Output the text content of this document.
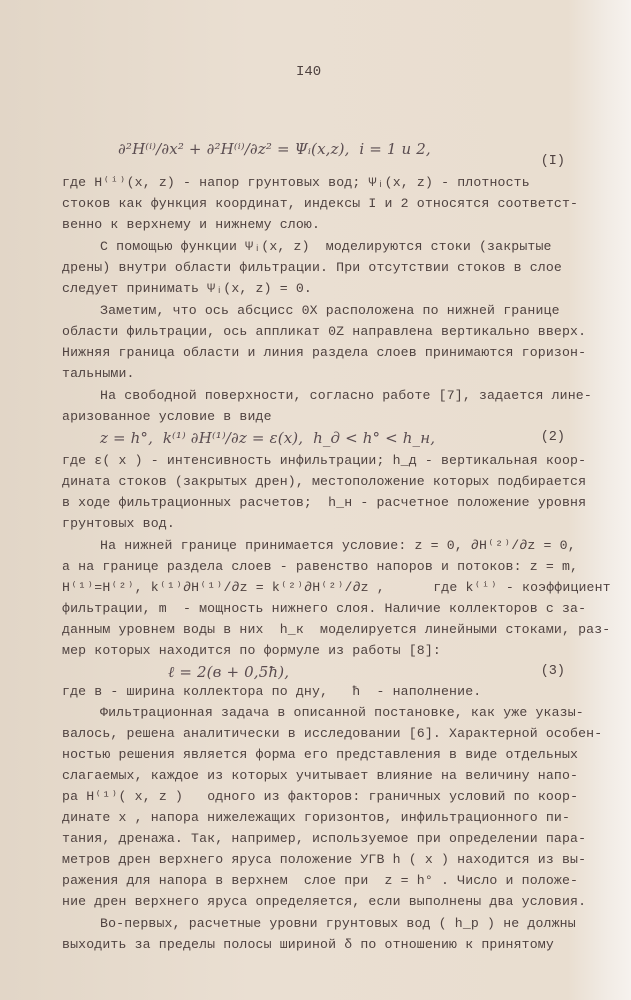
I40
∂²H⁽ⁱ⁾/∂x² + ∂²H⁽ⁱ⁾/∂z² = Ψᵢ(x,z),  i = 1 и 2,
(I)
где H⁽ⁱ⁾(x, z) - напор грунтовых вод; Ψᵢ(x, z) - плотность
стоков как функция координат, индексы I и 2 относятся соответст-
венно к верхнему и нижнему слою.
С помощью функции Ψᵢ(x, z)  моделируются стоки (закрытые
дрены) внутри области фильтрации. При отсутствии стоков в слое
следует принимать Ψᵢ(x, z) = 0.
Заметим, что ось абсцисс 0X расположена по нижней границе
области фильтрации, ось аппликат 0Z направлена вертикально вверх.
Нижняя граница области и линия раздела слоев принимаются горизон-
тальными.
На свободной поверхности, согласно работе [7], задается лине-
аризованное условие в виде
z = h°,  k⁽¹⁾ ∂H⁽¹⁾/∂z = ε(x),  h_д < h° < h_н,	(2)
где ε( x ) - интенсивность инфильтрации; h_д - вертикальная коор-
дината стоков (закрытых дрен), местоположение которых подбирается
в ходе фильтрационных расчетов;  h_н - расчетное положение уровня
грунтовых вод.
На нижней границе принимается условие: z = 0, ∂H⁽²⁾/∂z = 0,
а на границе раздела слоев - равенство напоров и потоков: z = m,
H⁽¹⁾=H⁽²⁾, k⁽¹⁾∂H⁽¹⁾/∂z = k⁽²⁾∂H⁽²⁾/∂z ,      где k⁽ⁱ⁾ - коэффициент
фильтрации, m  - мощность нижнего слоя. Наличие коллекторов с за-
данным уровнем воды в них  h_к  моделируется линейными стоками, раз-
мер которых находится по формуле из работы [8]:
ℓ = 2(в + 0,5ħ),	(3)
где в - ширина коллектора по дну,   ħ  - наполнение.
Фильтрационная задача в описанной постановке, как уже указы-
валось, решена аналитически в исследовании [6]. Характерной особен-
ностью решения является форма его представления в виде отдельных
слагаемых, каждое из которых учитывает влияние на величину напо-
ра H⁽¹⁾( x, z )   одного из факторов: граничных условий по коор-
динате x , напора нижележащих горизонтов, инфильтрационного пи-
тания, дренажа. Так, например, используемое при определении пара-
метров дрен верхнего яруса положение УГВ h ( x ) находится из вы-
ражения для напора в верхнем  слое при  z = h° . Число и положе-
ние дрен верхнего яруса определяется, если выполнены два условия.
Во-первых, расчетные уровни грунтовых вод ( h_р ) не должны
выходить за пределы полосы шириной δ по отношению к принятому
